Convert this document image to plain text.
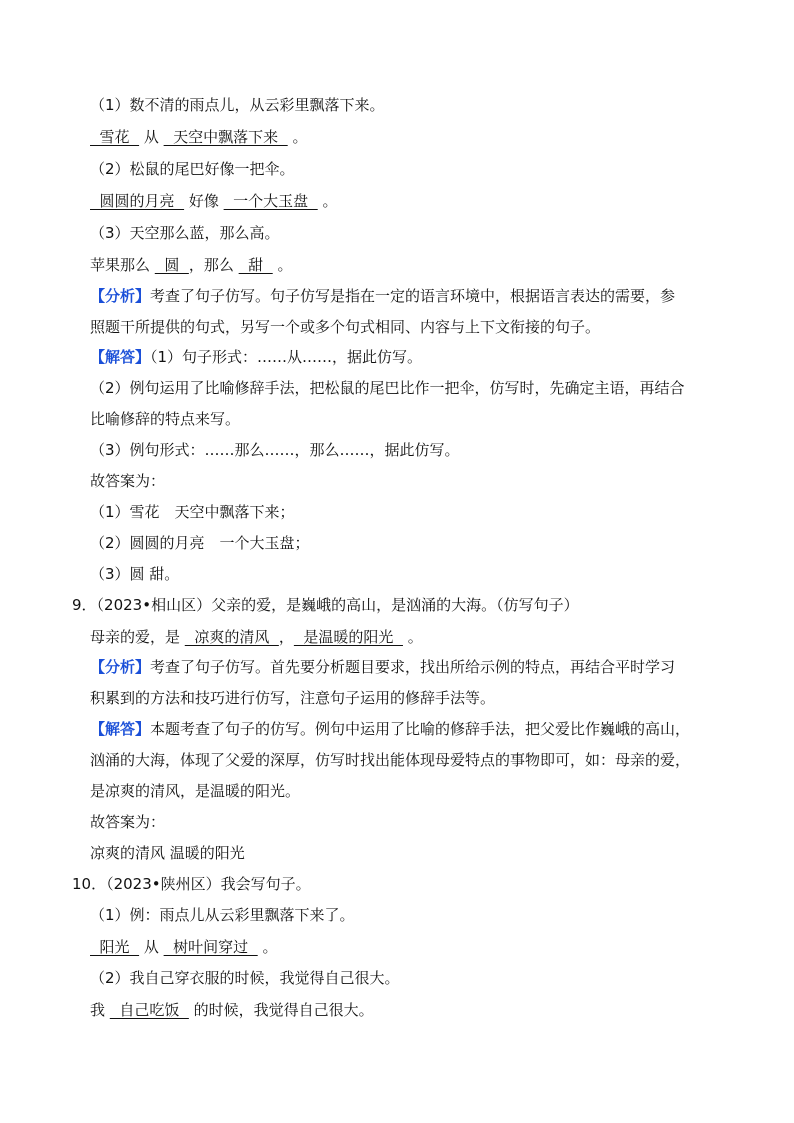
（1）数不清的雨点儿，从云彩里飘落下来。
雪花   从   天空中飘落下来   。
（2）松鼠的尾巴好像一把伞。
圆圆的月亮   好像   一个大玉盘   。
（3）天空那么蓝，那么高。
苹果那么   圆  ，那么   甜   。
【分析】考查了句子仿写。句子仿写是指在一定的语言环境中，根据语言表达的需要，参
照题干所提供的句式，另写一个或多个句式相同、内容与上下文衔接的句子。
【解答】（1）句子形式：……从……，据此仿写。
（2）例句运用了比喻修辞手法，把松鼠的尾巴比作一把伞，仿写时，先确定主语，再结合
比喻修辞的特点来写。
（3）例句形式：……那么……，那么……，据此仿写。
故答案为：
（1）雪花　天空中飘落下来；
（2）圆圆的月亮　一个大玉盘；
（3）圆 甜。
9．（2023•相山区）父亲的爱，是巍峨的高山，是汹涌的大海。（仿写句子）
母亲的爱，是   凉爽的清风  ，  是温暖的阳光   。
【分析】考查了句子仿写。首先要分析题目要求，找出所给示例的特点，再结合平时学习
积累到的方法和技巧进行仿写，注意句子运用的修辞手法等。
【解答】本题考查了句子的仿写。例句中运用了比喻的修辞手法，把父爱比作巍峨的高山，
汹涌的大海，体现了父爱的深厚，仿写时找出能体现母爱特点的事物即可，如：母亲的爱，
是凉爽的清风，是温暖的阳光。
故答案为：
凉爽的清风 温暖的阳光
10．（2023•陕州区）我会写句子。
（1）例：雨点儿从云彩里飘落下来了。
阳光   从   树叶间穿过   。
（2）我自己穿衣服的时候，我觉得自己很大。
我   自己吃饭   的时候，我觉得自己很大。
